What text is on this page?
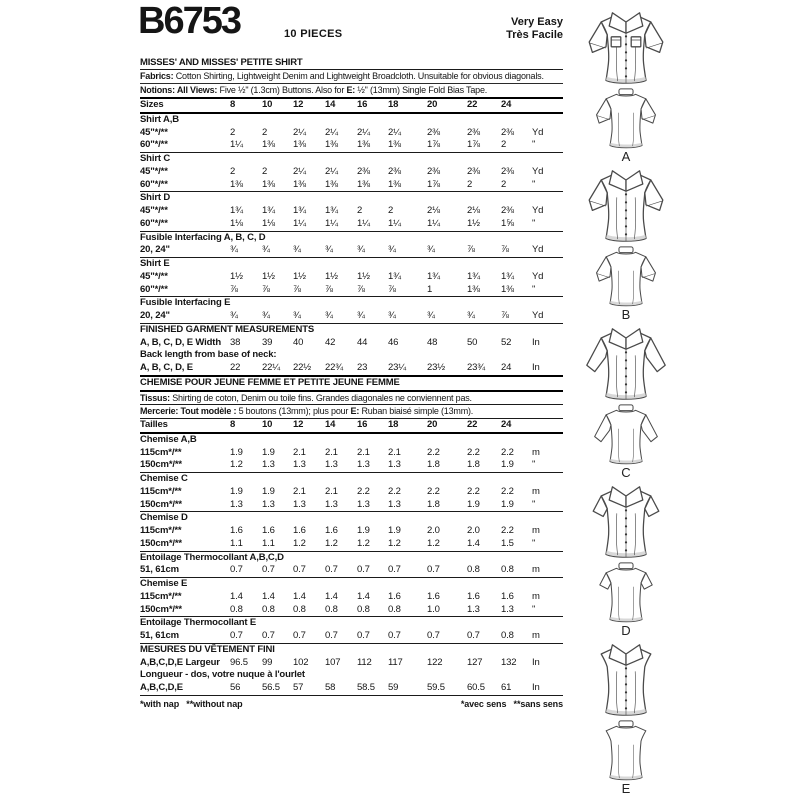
B6753	10 PIECES
Very Easy
Très Facile
MISSES' AND MISSES' PETITE SHIRT
Fabrics: Cotton Shirting, Lightweight Denim and Lightweight Broadcloth. Unsuitable for obvious diagonals.
Notions: All Views: Five ½" (1.3cm) Buttons. Also for E: ½" (13mm) Single Fold Bias Tape.
Sizes	8	10	12	14	16	18	20	22	24
Shirt A,B
45"*/**	2	2	2¼	2¼	2¼	2¼	2⅜	2⅜	2⅜	Yd
60"*/**	1¼	1⅜	1⅜	1⅜	1⅜	1⅜	1⅞	1⅞	2	"
Shirt C
45"*/**	2	2	2¼	2¼	2⅜	2⅜	2⅜	2⅜	2⅜	Yd
60"*/**	1⅜	1⅜	1⅜	1⅜	1⅜	1⅜	1⅞	2	2	"
Shirt D
45"*/**	1¾	1¾	1¾	1¾	2	2	2⅛	2⅛	2⅜	Yd
60"*/**	1⅛	1⅛	1¼	1¼	1¼	1¼	1¼	1½	1⅝	"
Fusible Interfacing A, B, C, D
20, 24"	¾	¾	¾	¾	¾	¾	¾	⅞	⅞	Yd
Shirt E
45"*/**	1½	1½	1½	1½	1½	1¾	1¾	1¾	1¾	Yd
60"*/**	⅞	⅞	⅞	⅞	⅞	⅞	1	1⅜	1⅜	"
Fusible Interfacing E
20, 24"	¾	¾	¾	¾	¾	¾	¾	¾	⅞	Yd
FINISHED GARMENT MEASUREMENTS
A, B, C, D, E Width 38	39	40	42	44	46	48	50	52	In
Back length from base of neck:
A, B, C, D, E	22	22¼	22½	22¾	23	23¼	23½	23¾	24	In
CHEMISE POUR JEUNE FEMME ET PETITE JEUNE FEMME
Tissus: Shirting de coton, Denim ou toile fins. Grandes diagonales ne conviennent pas.
Mercerie: Tout modèle : 5 boutons (13mm); plus pour E: Ruban biaisé simple (13mm).
Tailles	8	10	12	14	16	18	20	22	24
Chemise A,B
115cm*/**	1.9	1.9	2.1	2.1	2.1	2.1	2.2	2.2	2.2	m
150cm*/**	1.2	1.3	1.3	1.3	1.3	1.3	1.8	1.8	1.9	"
Chemise C
115cm*/**	1.9	1.9	2.1	2.1	2.2	2.2	2.2	2.2	2.2	m
150cm*/**	1.3	1.3	1.3	1.3	1.3	1.3	1.8	1.9	1.9	"
Chemise D
115cm*/**	1.6	1.6	1.6	1.6	1.9	1.9	2.0	2.0	2.2	m
150cm*/**	1.1	1.1	1.2	1.2	1.2	1.2	1.2	1.4	1.5	"
Entoilage Thermocollant A,B,C,D
51, 61cm	0.7	0.7	0.7	0.7	0.7	0.7	0.7	0.8	0.8	m
Chemise E
115cm*/**	1.4	1.4	1.4	1.4	1.4	1.6	1.6	1.6	1.6	m
150cm*/**	0.8	0.8	0.8	0.8	0.8	0.8	1.0	1.3	1.3	"
Entoilage Thermocollant E
51, 61cm	0.7	0.7	0.7	0.7	0.7	0.7	0.7	0.7	0.8	m
MESURES DU VÊTEMENT FINI
A,B,C,D,E Largeur	96.5	99	102	107	112	117	122	127	132	In
Longueur - dos, votre nuque à l'ourlet
A,B,C,D,E	56	56.5	57	58	58.5	59	59.5	60.5	61	In
*with nap   **without nap	*avec sens   **sans sens
A
B
C
D
E
